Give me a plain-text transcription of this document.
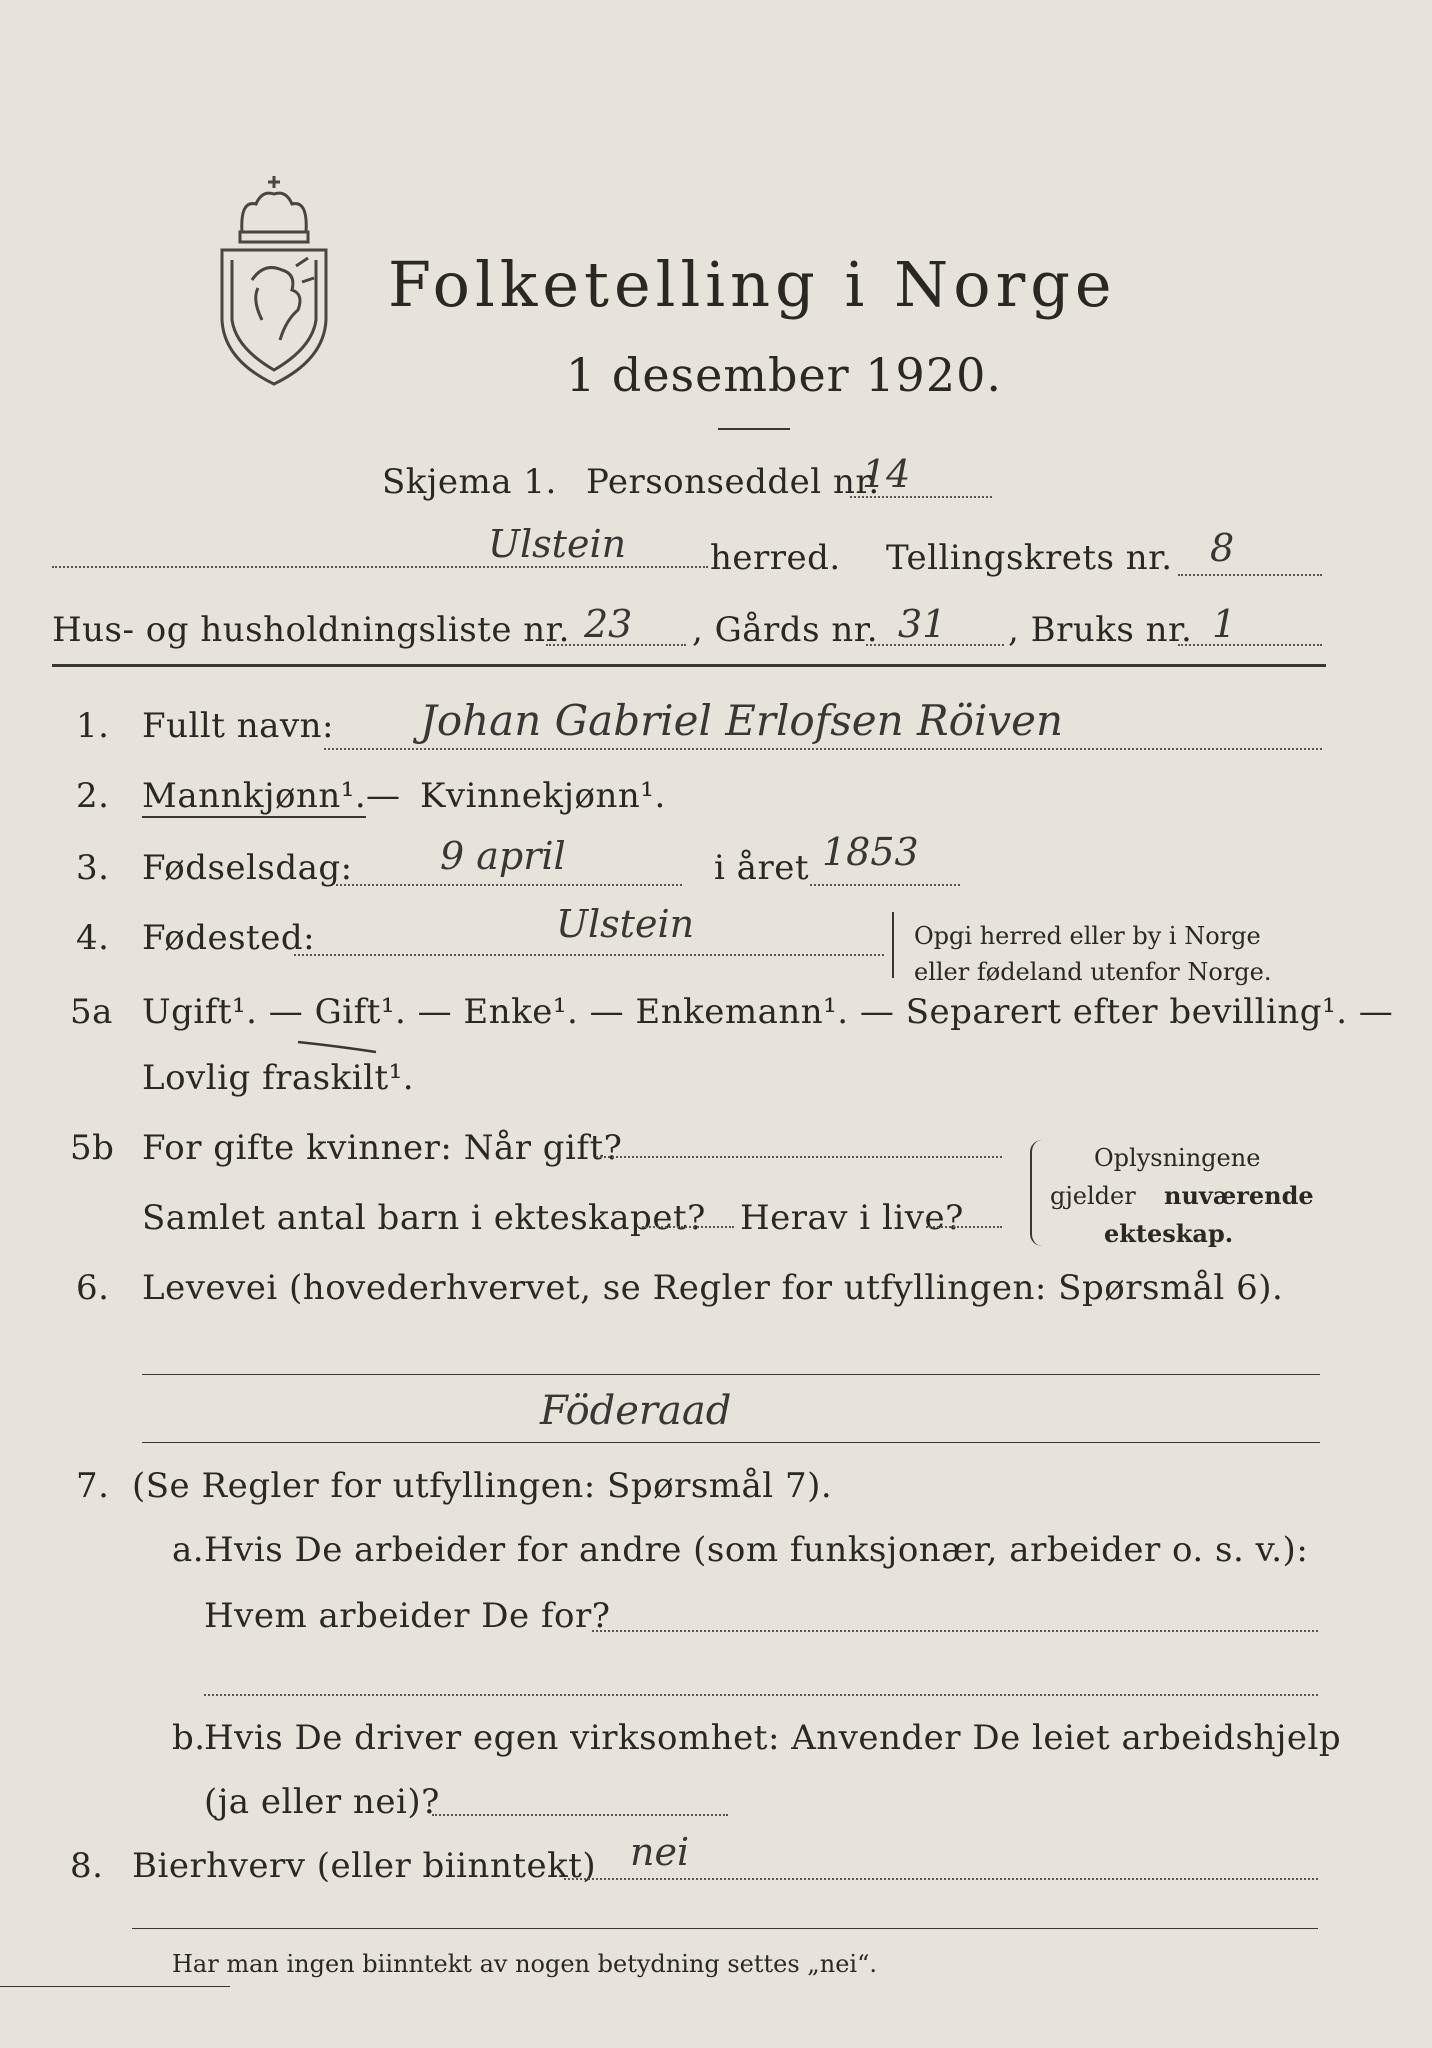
Folketelling i Norge
1 desember 1920.
Skjema 1. Personseddel nr.
14
Ulstein herred. Tellingskrets nr. 8
Hus- og husholdningsliste nr. 23 , Gårds nr. 31 , Bruks nr. 1
1. Fullt navn: Johan Gabriel Erlofsen Röiven
2. Mannkjønn¹. — Kvinnekjønn¹.
3. Fødselsdag: 9 april	i året 1853
4. Fødested:	Ulstein	Opgi herred eller by i Norge
eller fødeland utenfor Norge.
5a Ugift¹. — Gift¹. — Enke¹. — Enkemann¹. — Separert efter bevilling¹. —
Lovlig fraskilt¹.
5b For gifte kvinner: Når gift?
Samlet antal barn i ekteskapet? Herav i live?
Oplysningene
gjelder nuværende
ekteskap.
6. Levevei (hovederhvervet, se Regler for utfyllingen: Spørsmål 6).
Föderaad
7. (Se Regler for utfyllingen: Spørsmål 7).
a. Hvis De arbeider for andre (som funksjonær, arbeider o. s. v.):
Hvem arbeider De for?
b.
Hvis De driver egen virksomhet: Anvender De leiet arbeidshjelp
(ja eller nei)?
8. Bierhverv (eller biinntekt) nei
Har man ingen biinntekt av nogen betydning settes „nei“.
